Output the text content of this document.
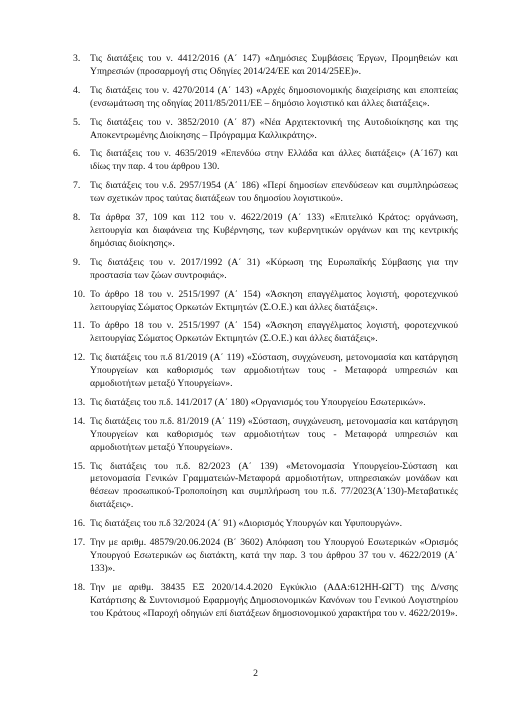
3. Τις διατάξεις του ν. 4412/2016 (Α΄ 147) «Δημόσιες Συμβάσεις Έργων, Προμηθειών και Υπηρεσιών (προσαρμογή στις Οδηγίες 2014/24/ΕΕ και 2014/25ΕΕ)».
4. Τις διατάξεις του ν. 4270/2014 (Α΄ 143) «Αρχές δημοσιονομικής διαχείρισης και εποπτείας (ενσωμάτωση της οδηγίας 2011/85/2011/ΕΕ – δημόσιο λογιστικό και άλλες διατάξεις».
5. Τις διατάξεις του ν. 3852/2010 (Α΄ 87) «Νέα Αρχιτεκτονική της Αυτοδιοίκησης και της Αποκεντρωμένης Διοίκησης – Πρόγραμμα Καλλικράτης».
6. Τις διατάξεις του ν. 4635/2019 «Επενδύω στην Ελλάδα και άλλες διατάξεις» (Α΄167) και ιδίως την παρ. 4 του άρθρου 130.
7. Τις διατάξεις του ν.δ. 2957/1954 (Α΄ 186) «Περί δημοσίων επενδύσεων και συμπληρώσεως των σχετικών προς ταύτας διατάξεων του δημοσίου λογιστικού».
8. Τα άρθρα 37, 109 και 112 του ν. 4622/2019 (Α΄ 133) «Επιτελικό Κράτος: οργάνωση, λειτουργία και διαφάνεια της Κυβέρνησης, των κυβερνητικών οργάνων και της κεντρικής δημόσιας διοίκησης».
9. Τις διατάξεις του ν. 2017/1992 (Α΄ 31) «Κύρωση της Ευρωπαϊκής Σύμβασης για την προστασία των ζώων συντροφιάς».
10. Το άρθρο 18 του ν. 2515/1997 (Α΄ 154) «Άσκηση επαγγέλματος λογιστή, φοροτεχνικού λειτουργίας Σώματος Ορκωτών Εκτιμητών (Σ.Ο.Ε.) και άλλες διατάξεις».
11. Το άρθρο 18 του ν. 2515/1997 (Α΄ 154) «Άσκηση επαγγέλματος λογιστή, φοροτεχνικού λειτουργίας Σώματος Ορκωτών Εκτιμητών (Σ.Ο.Ε.) και άλλες διατάξεις».
12. Τις διατάξεις του π.δ 81/2019 (Α΄ 119) «Σύσταση, συγχώνευση, μετονομασία και κατάργηση Υπουργείων και καθορισμός των αρμοδιοτήτων τους - Μεταφορά υπηρεσιών και αρμοδιοτήτων μεταξύ Υπουργείων».
13. Τις διατάξεις του π.δ. 141/2017 (Α΄ 180) «Οργανισμός του Υπουργείου Εσωτερικών».
14. Τις διατάξεις του π.δ. 81/2019 (Α΄ 119) «Σύσταση, συγχώνευση, μετονομασία και κατάργηση Υπουργείων και καθορισμός των αρμοδιοτήτων τους - Μεταφορά υπηρεσιών και αρμοδιοτήτων μεταξύ Υπουργείων».
15. Τις διατάξεις του π.δ. 82/2023 (Α΄ 139) «Μετονομασία Υπουργείου-Σύσταση και μετονομασία Γενικών Γραμματειών-Μεταφορά αρμοδιοτήτων, υπηρεσιακών μονάδων και θέσεων προσωπικού-Τροποποίηση και συμπλήρωση του π.δ. 77/2023(Α΄130)-Μεταβατικές διατάξεις».
16. Τις διατάξεις του π.δ 32/2024 (Α΄ 91) «Διορισμός Υπουργών και Υφυπουργών».
17. Την με αριθμ. 48579/20.06.2024 (Β΄ 3602) Απόφαση του Υπουργού Εσωτερικών «Ορισμός Υπουργού Εσωτερικών ως διατάκτη, κατά την παρ. 3 του άρθρου 37 του ν. 4622/2019 (Α΄ 133)».
18. Την με αριθμ. 38435 ΕΞ 2020/14.4.2020 Εγκύκλιο (ΑΔΑ:612ΗΗ-ΩΓΤ) της Δ/νσης Κατάρτισης & Συντονισμού Εφαρμογής Δημοσιονομικών Κανόνων του Γενικού Λογιστηρίου του Κράτους «Παροχή οδηγιών επί διατάξεων δημοσιονομικού χαρακτήρα του ν. 4622/2019».
2
